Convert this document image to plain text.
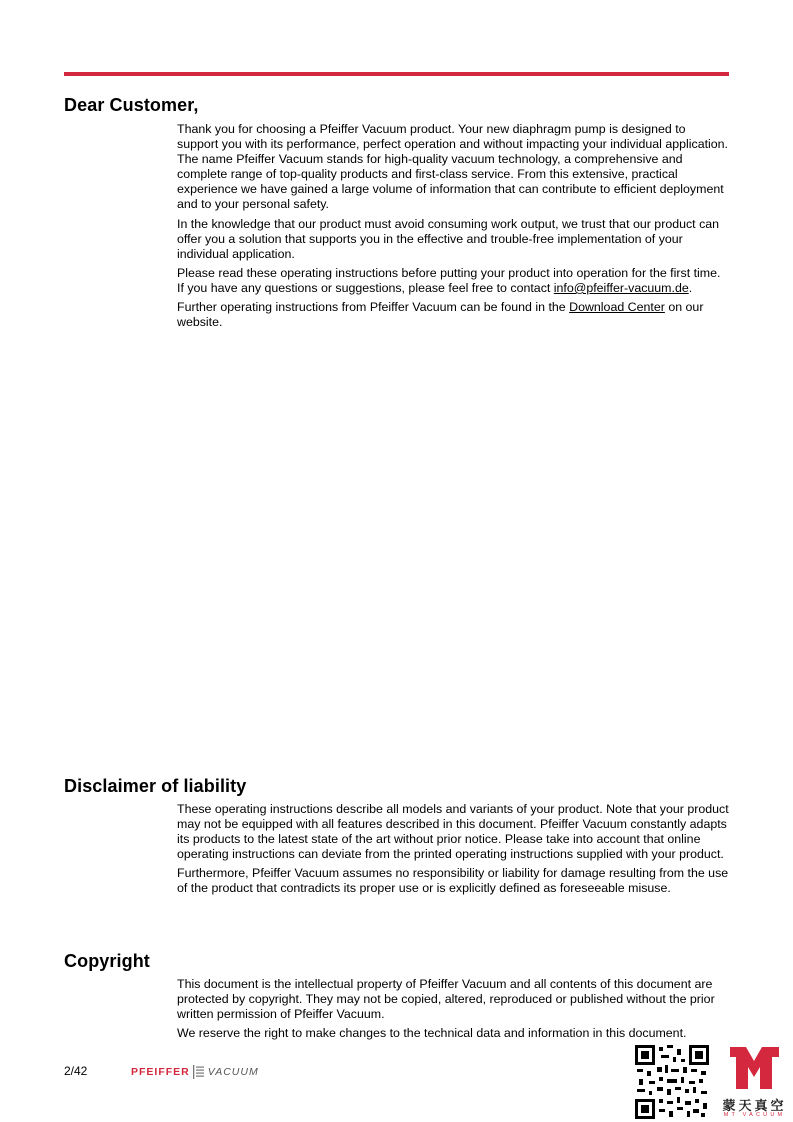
Dear Customer,

Thank you for choosing a Pfeiffer Vacuum product. Your new diaphragm pump is designed to support you with its performance, perfect operation and without impacting your individual application. The name Pfeiffer Vacuum stands for high-quality vacuum technology, a comprehensive and complete range of top-quality products and first-class service. From this extensive, practical experience we have gained a large volume of information that can contribute to efficient deployment and to your personal safety.

In the knowledge that our product must avoid consuming work output, we trust that our product can offer you a solution that supports you in the effective and trouble-free implementation of your individual application.

Please read these operating instructions before putting your product into operation for the first time. If you have any questions or suggestions, please feel free to contact info@pfeiffer-vacuum.de.

Further operating instructions from Pfeiffer Vacuum can be found in the Download Center on our website.

Disclaimer of liability

These operating instructions describe all models and variants of your product. Note that your product may not be equipped with all features described in this document. Pfeiffer Vacuum constantly adapts its products to the latest state of the art without prior notice. Please take into account that online operating instructions can deviate from the printed operating instructions supplied with your product.

Furthermore, Pfeiffer Vacuum assumes no responsibility or liability for damage resulting from the use of the product that contradicts its proper use or is explicitly defined as foreseeable misuse.

Copyright

This document is the intellectual property of Pfeiffer Vacuum and all contents of this document are protected by copyright. They may not be copied, altered, reproduced or published without the prior written permission of Pfeiffer Vacuum.

We reserve the right to make changes to the technical data and information in this document.

2/42	PFEIFFER VACUUM
蒙天真空
MT VACUUM
